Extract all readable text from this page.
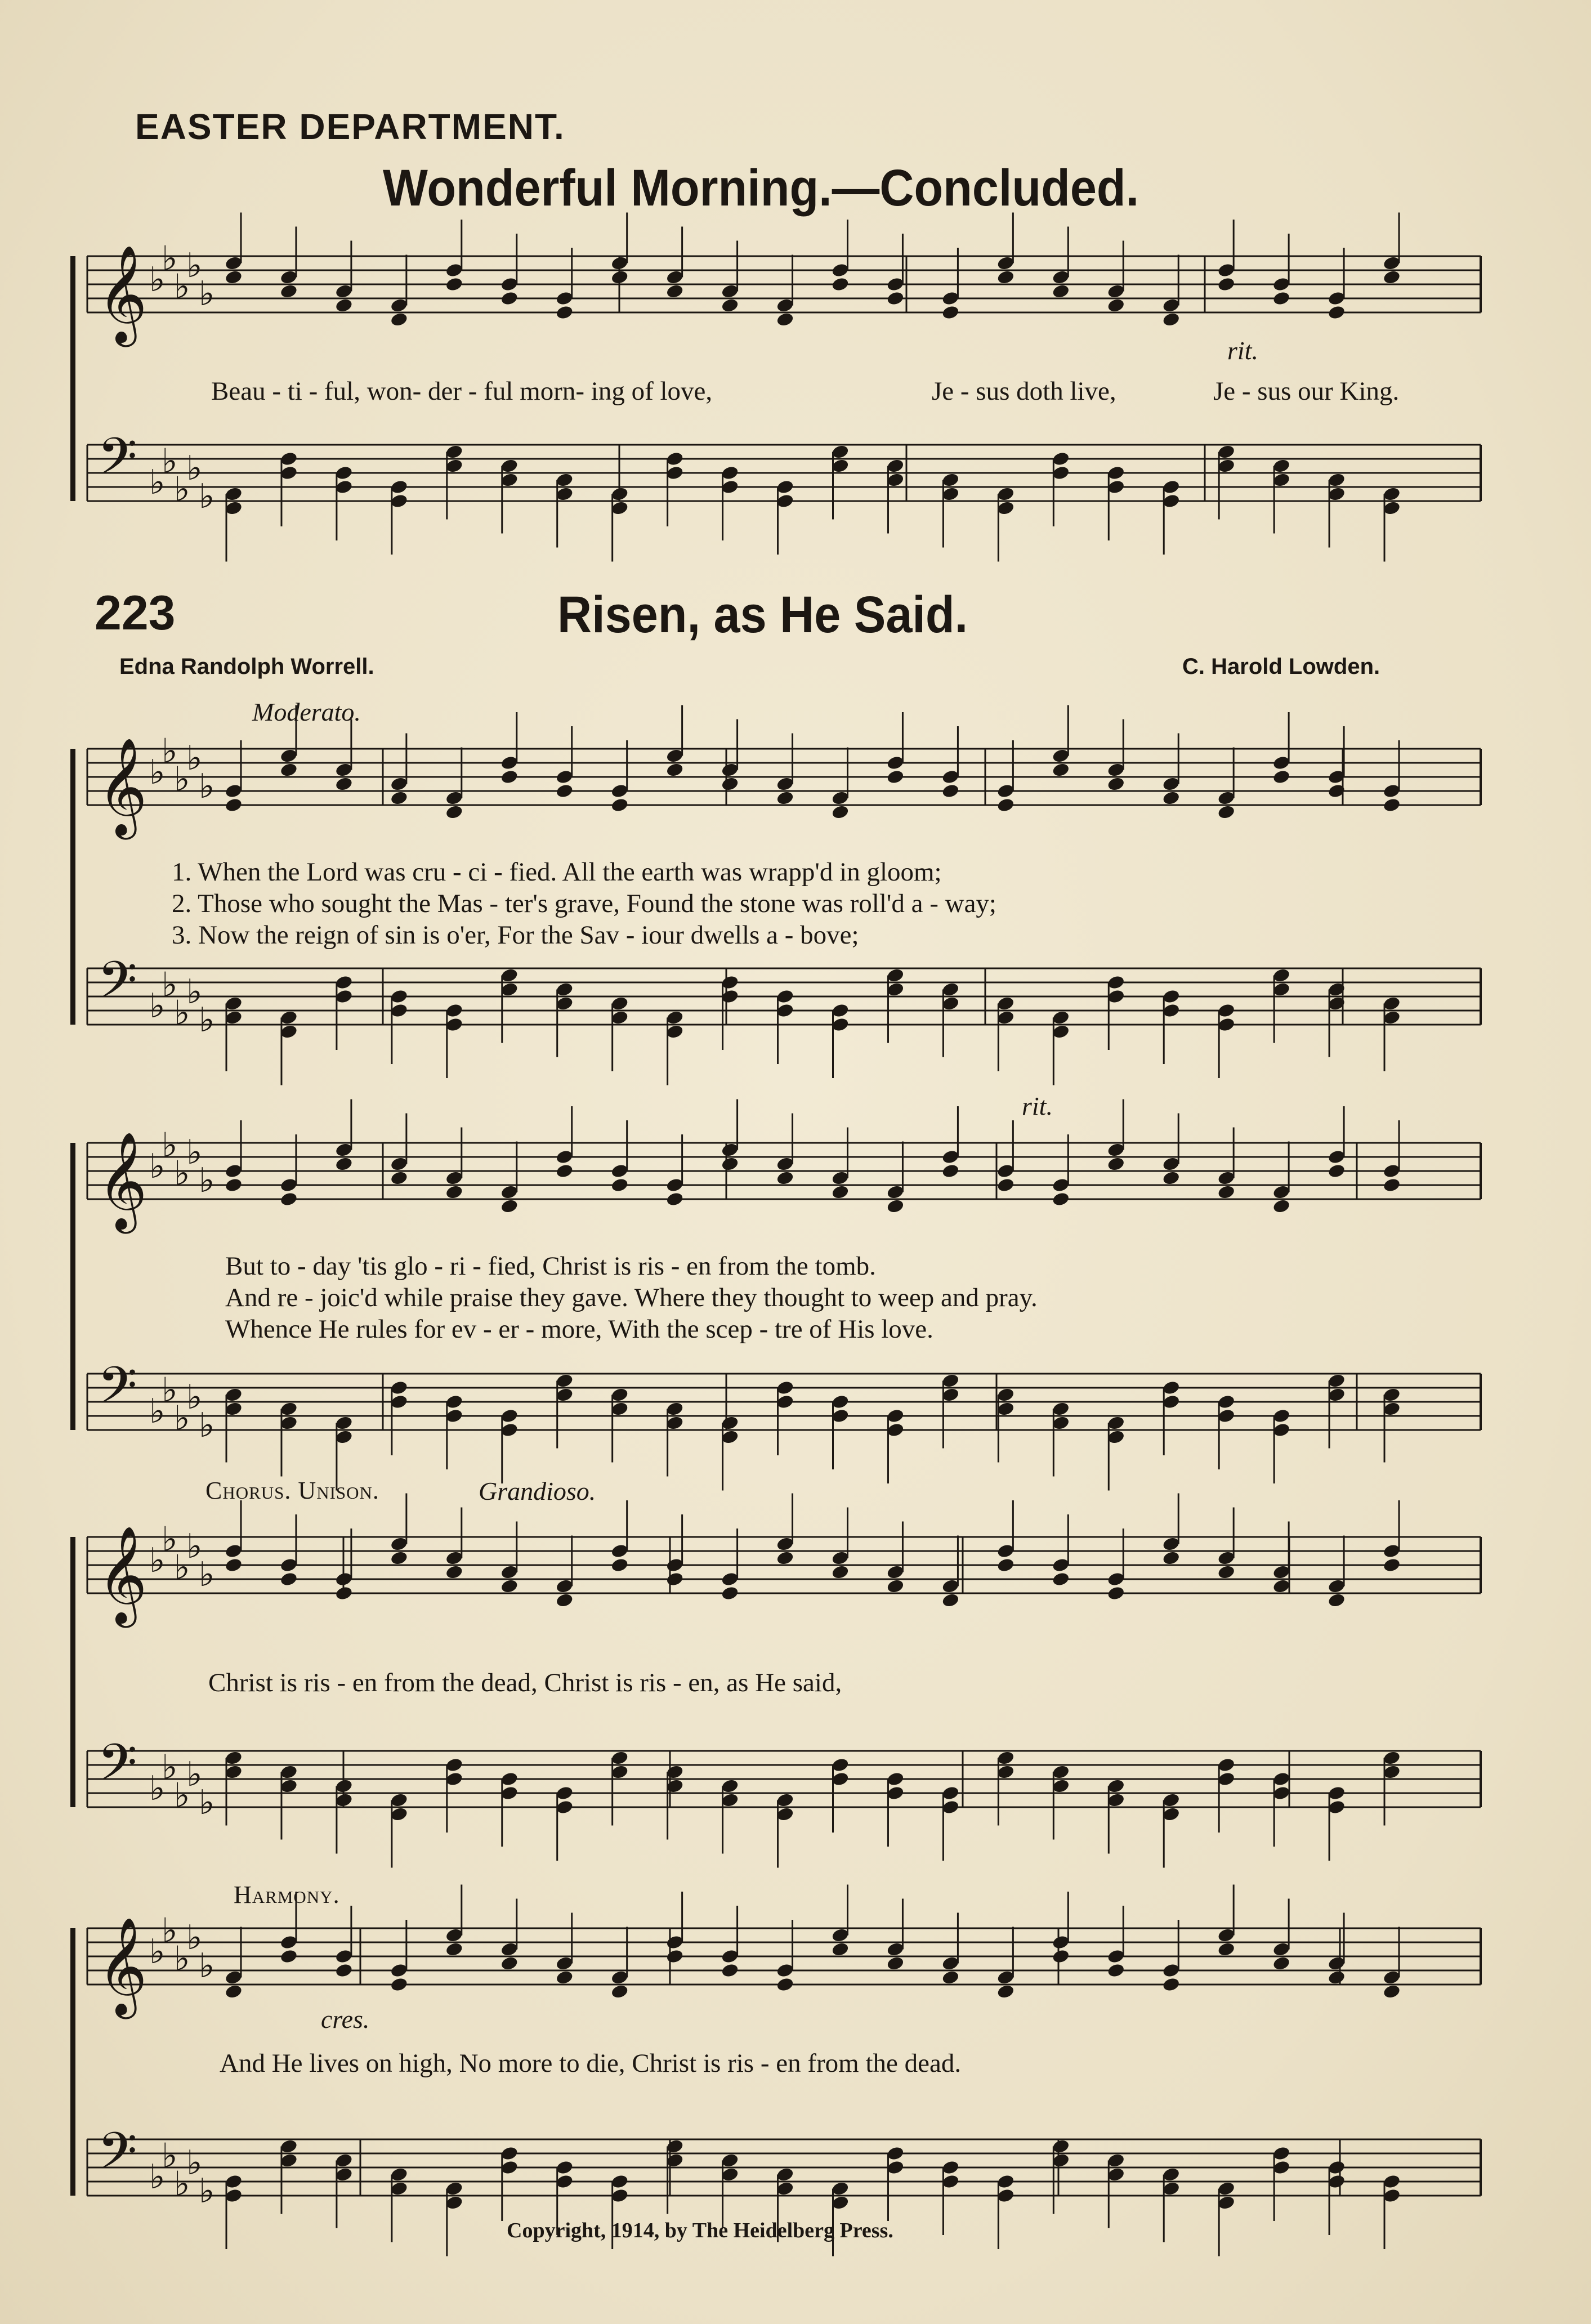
EASTER DEPARTMENT.
Wonderful Morning.—Concluded.
Beau - ti - ful, won- der - ful morn- ing of love,	Je - sus doth live,	Je - sus our King.
rit.
223	Risen, as He Said.
Edna Randolph Worrell.	C. Harold Lowden.
Moderato.
1. When the Lord was cru - ci - fied. All the earth was wrapp'd in gloom;
2. Those who sought the Mas - ter's grave, Found the stone was roll'd a - way;
3. Now the reign of sin is o'er, For the Sav - iour dwells a - bove;
rit.
But to - day 'tis glo - ri - fied, Christ is ris - en from the tomb.
And re - joic'd while praise they gave. Where they thought to weep and pray.
Whence He rules for ev - er - more, With the scep - tre of His love.
Chorus. Unison.	Grandioso.
Christ is ris - en from the dead, Christ is ris - en, as He said,
Harmony.
cres.
And He lives on high, No more to die, Christ is ris - en from the dead.
Copyright, 1914, by The Heidelberg Press.
𝄞 ♭
♭
♭
♭
♭
𝄢 ♭
♭
♭
♭
♭
𝄞 ♭
♭
♭
♭
♭
𝄢 ♭
♭
♭
♭
♭
𝄞 ♭
♭
♭
♭
♭
𝄢 ♭
♭
♭
♭
♭
𝄞 ♭
♭
♭
♭
♭
𝄢 ♭
♭
♭
♭
♭
𝄞 ♭
♭
♭
♭
♭
𝄢 ♭
♭
♭
♭
♭
